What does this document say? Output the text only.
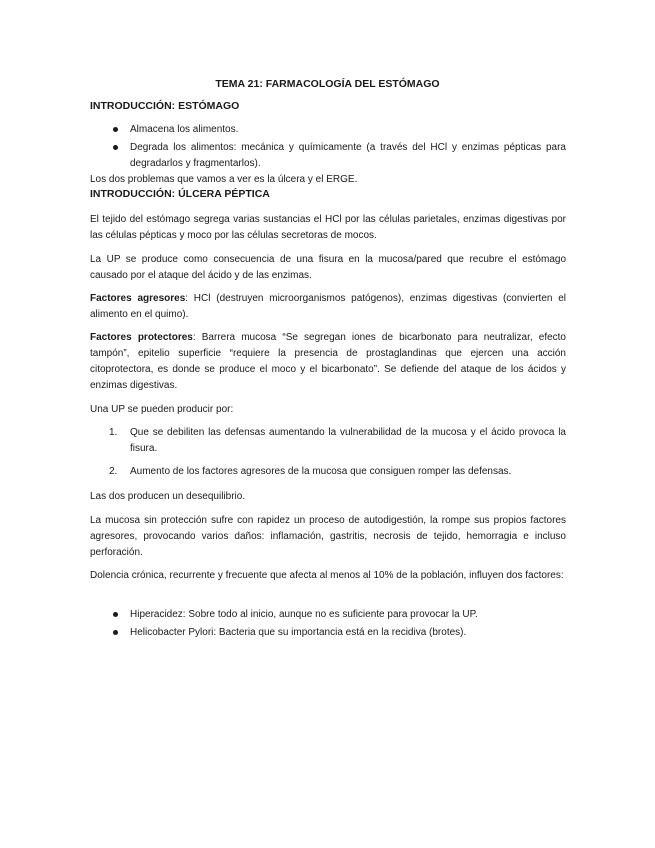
TEMA 21: FARMACOLOGÍA DEL ESTÓMAGO
INTRODUCCIÓN: ESTÓMAGO
Almacena los alimentos.
Degrada los alimentos: mecánica y químicamente (a través del HCl y enzimas pépticas para degradarlos y fragmentarlos).
Los dos problemas que vamos a ver es la úlcera y el ERGE.
INTRODUCCIÓN: ÚLCERA PÉPTICA
El tejido del estómago segrega varias sustancias el HCl por las células parietales, enzimas digestivas por las células pépticas y moco por las células secretoras de mocos.
La UP se produce como consecuencia de una fisura en la mucosa/pared que recubre el estómago causado por el ataque del ácido y de las enzimas.
Factores agresores: HCl (destruyen microorganismos patógenos), enzimas digestivas (convierten el alimento en el quimo).
Factores protectores: Barrera mucosa “Se segregan iones de bicarbonato para neutralizar, efecto tampón”, epitelio superficie “requiere la presencia de prostaglandinas que ejercen una acción citoprotectora, es donde se produce el moco y el bicarbonato”. Se defiende del ataque de los ácidos y enzimas digestivas.
Una UP se pueden producir por:
1. Que se debiliten las defensas aumentando la vulnerabilidad de la mucosa y el ácido provoca la fisura.
2. Aumento de los factores agresores de la mucosa que consiguen romper las defensas.
Las dos producen un desequilibrio.
La mucosa sin protección sufre con rapidez un proceso de autodigestión, la rompe sus propios factores agresores, provocando varios daños: inflamación, gastritis, necrosis de tejido, hemorragia e incluso perforación.
Dolencia crónica, recurrente y frecuente que afecta al menos al 10% de la población, influyen dos factores:
Hiperacidez: Sobre todo al inicio, aunque no es suficiente para provocar la UP.
Helicobacter Pylori: Bacteria que su importancia está en la recidiva (brotes).
